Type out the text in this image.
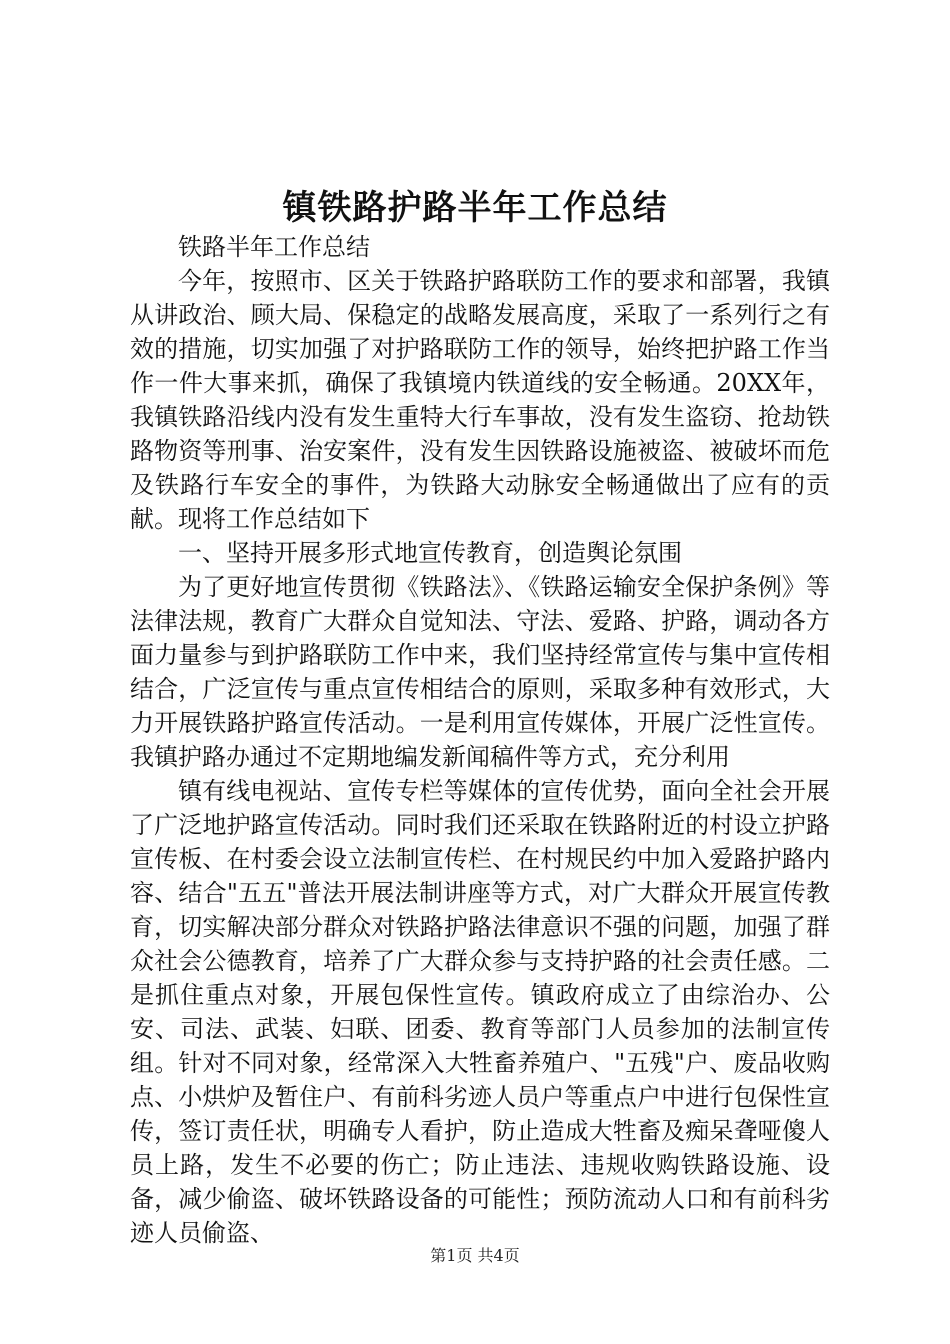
镇铁路护路半年工作总结

铁路半年工作总结

今年，按照市、区关于铁路护路联防工作的要求和部署，我镇从讲政治、顾大局、保稳定的战略发展高度，采取了一系列行之有效的措施，切实加强了对护路联防工作的领导，始终把护路工作当作一件大事来抓，确保了我镇境内铁道线的安全畅通。20XX年，我镇铁路沿线内没有发生重特大行车事故，没有发生盗窃、抢劫铁路物资等刑事、治安案件，没有发生因铁路设施被盗、被破坏而危及铁路行车安全的事件，为铁路大动脉安全畅通做出了应有的贡献。现将工作总结如下

一、坚持开展多形式地宣传教育，创造舆论氛围

为了更好地宣传贯彻《铁路法》、《铁路运输安全保护条例》等法律法规，教育广大群众自觉知法、守法、爱路、护路，调动各方面力量参与到护路联防工作中来，我们坚持经常宣传与集中宣传相结合，广泛宣传与重点宣传相结合的原则，采取多种有效形式，大力开展铁路护路宣传活动。一是利用宣传媒体，开展广泛性宣传。我镇护路办通过不定期地编发新闻稿件等方式，充分利用

镇有线电视站、宣传专栏等媒体的宣传优势，面向全社会开展了广泛地护路宣传活动。同时我们还采取在铁路附近的村设立护路宣传板、在村委会设立法制宣传栏、在村规民约中加入爱路护路内容、结合"五五"普法开展法制讲座等方式，对广大群众开展宣传教育，切实解决部分群众对铁路护路法律意识不强的问题，加强了群众社会公德教育，培养了广大群众参与支持护路的社会责任感。二是抓住重点对象，开展包保性宣传。镇政府成立了由综治办、公安、司法、武装、妇联、团委、教育等部门人员参加的法制宣传组。针对不同对象，经常深入大牲畜养殖户、"五残"户、废品收购点、小烘炉及暂住户、有前科劣迹人员户等重点户中进行包保性宣传，签订责任状，明确专人看护，防止造成大牲畜及痴呆聋哑傻人员上路，发生不必要的伤亡；防止违法、违规收购铁路设施、设备，减少偷盗、破坏铁路设备的可能性；预防流动人口和有前科劣迹人员偷盗、

第1页 共4页
